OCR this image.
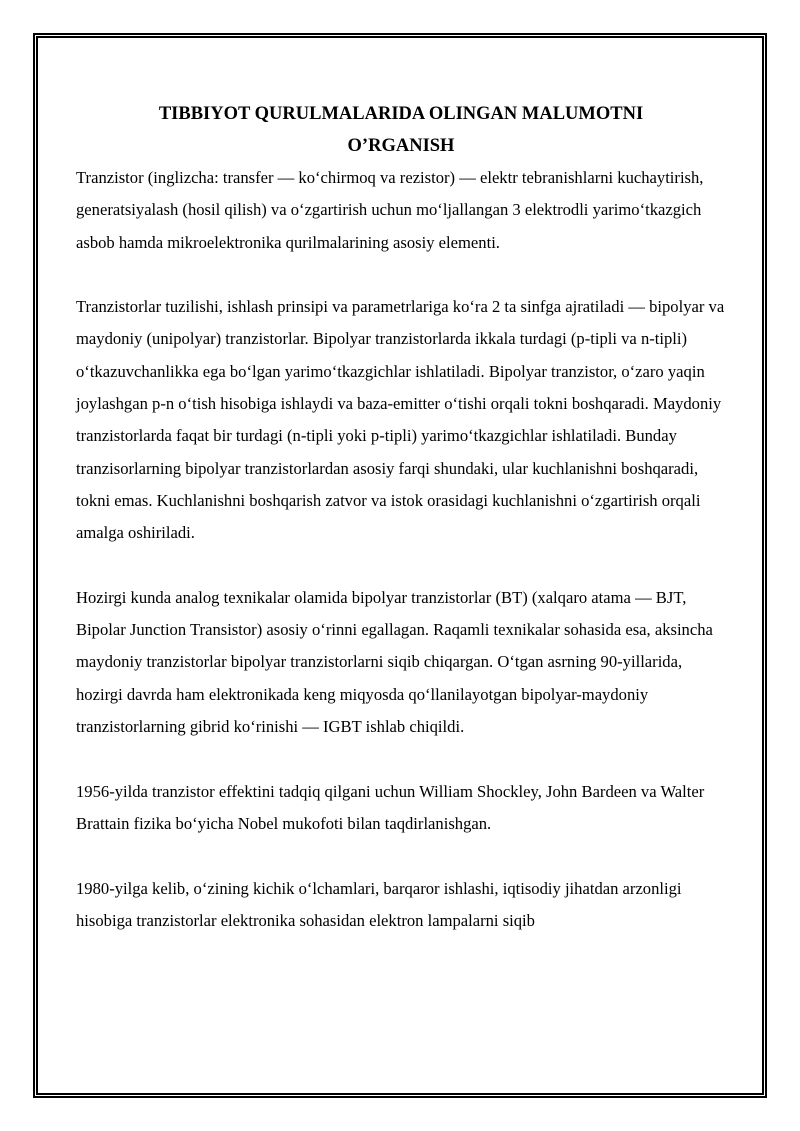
TIBBIYOT QURULMALARIDA OLINGAN MALUMOTNI
O’RGANISH

Tranzistor (inglizcha: transfer — koʻchirmoq va rezistor) — elektr tebranishlarni kuchaytirish, generatsiyalash (hosil qilish) va oʻzgartirish uchun moʻljallangan 3 elektrodli yarimoʻtkazgich asbob hamda mikroelektronika qurilmalarining asosiy elementi.

Tranzistorlar tuzilishi, ishlash prinsipi va parametrlariga koʻra 2 ta sinfga ajratiladi — bipolyar va maydoniy (unipolyar) tranzistorlar. Bipolyar tranzistorlarda ikkala turdagi (p-tipli va n-tipli) oʻtkazuvchanlikka ega boʻlgan yarimoʻtkazgichlar ishlatiladi. Bipolyar tranzistor, oʻzaro yaqin joylashgan p-n oʻtish hisobiga ishlaydi va baza-emitter oʻtishi orqali tokni boshqaradi. Maydoniy tranzistorlarda faqat bir turdagi (n-tipli yoki p-tipli) yarimoʻtkazgichlar ishlatiladi. Bunday tranzisorlarning bipolyar tranzistorlardan asosiy farqi shundaki, ular kuchlanishni boshqaradi, tokni emas. Kuchlanishni boshqarish zatvor va istok orasidagi kuchlanishni oʻzgartirish orqali amalga oshiriladi.

Hozirgi kunda analog texnikalar olamida bipolyar tranzistorlar (BT) (xalqaro atama — BJT, Bipolar Junction Transistor) asosiy oʻrinni egallagan. Raqamli texnikalar sohasida esa, aksincha maydoniy tranzistorlar bipolyar tranzistorlarni siqib chiqargan. Oʻtgan asrning 90-yillarida, hozirgi davrda ham elektronikada keng miqyosda qoʻllanilayotgan bipolyar-maydoniy tranzistorlarning gibrid koʻrinishi — IGBT ishlab chiqildi.

1956-yilda tranzistor effektini tadqiq qilgani uchun William Shockley, John Bardeen va Walter Brattain fizika boʻyicha Nobel mukofoti bilan taqdirlanishgan.

1980-yilga kelib, oʻzining kichik oʻlchamlari, barqaror ishlashi, iqtisodiy jihatdan arzonligi hisobiga tranzistorlar elektronika sohasidan elektron lampalarni siqib
